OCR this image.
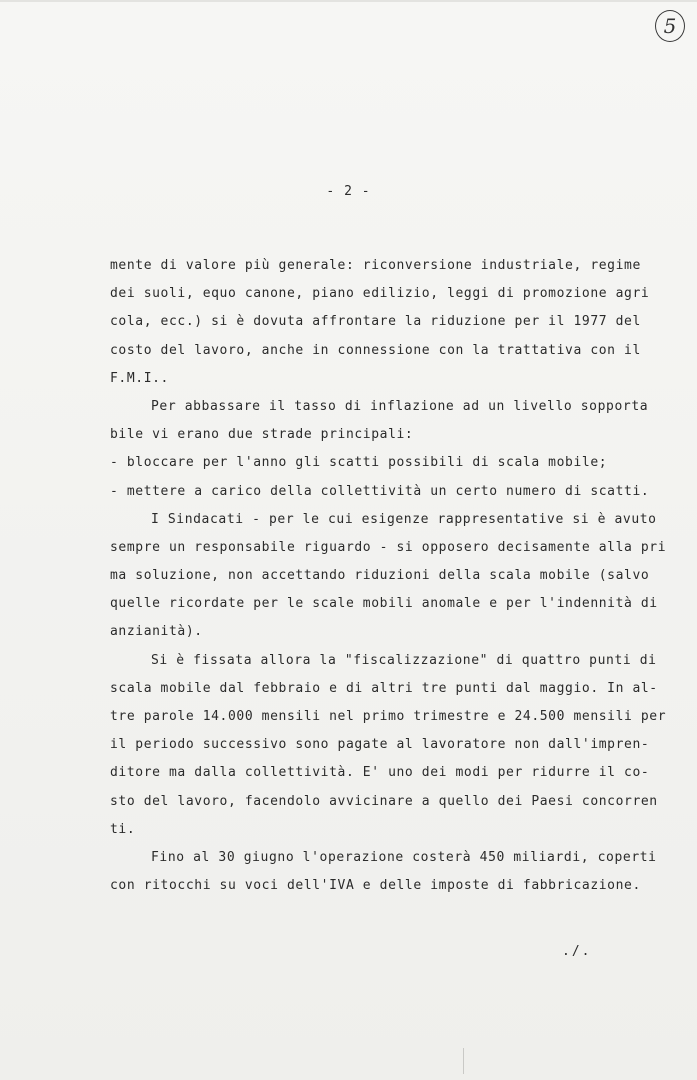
5
- 2 -
mente di valore più generale: riconversione industriale, regime
dei suoli, equo canone, piano edilizio, leggi di promozione agri
cola, ecc.) si è dovuta affrontare la riduzione per il 1977 del
costo del lavoro, anche in connessione con la trattativa con il
F.M.I..
Per abbassare il tasso di inflazione ad un livello sopporta
bile vi erano due strade principali:
- bloccare per l'anno gli scatti possibili di scala mobile;
- mettere a carico della collettività un certo numero di scatti.
I Sindacati - per le cui esigenze rappresentative si è avuto
sempre un responsabile riguardo - si opposero decisamente alla pri
ma soluzione, non accettando riduzioni della scala mobile (salvo
quelle ricordate per le scale mobili anomale e per l'indennità di
anzianità).
Si è fissata allora la "fiscalizzazione" di quattro punti di
scala mobile dal febbraio e di altri tre punti dal maggio. In al-
tre parole 14.000 mensili nel primo trimestre e 24.500 mensili per
il periodo successivo sono pagate al lavoratore non dall'impren-
ditore ma dalla collettività. E' uno dei modi per ridurre il co-
sto del lavoro, facendolo avvicinare a quello dei Paesi concorren
ti.
Fino al 30 giugno l'operazione costerà 450 miliardi, coperti
con ritocchi su voci dell'IVA e delle imposte di fabbricazione.
./.
